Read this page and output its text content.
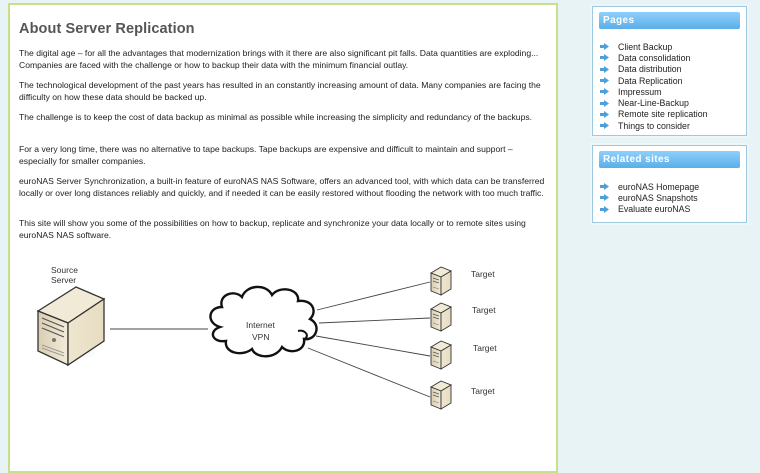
About Server Replication

The digital age – for all the advantages that modernization brings with it there are also significant pit falls. Data quantities are exploding... Companies are faced with the challenge or how to backup their data with the minimum financial outlay.

The technological development of the past years has resulted in an constantly increasing amount of data. Many companies are facing the difficulty on how these data should be backed up.

The challenge is to keep the cost of data backup as minimal as possible while increasing the simplicity and redundancy of the backups.

For a very long time, there was no alternative to tape backups. Tape backups are expensive and difficult to maintain and support – especially for smaller companies.

euroNAS Server Synchronization, a built-in feature of euroNAS NAS Software, offers an advanced tool, with which data can be transferred locally or over long distances reliably and quickly, and if needed it can be easily restored without flooding the network with too much traffic.

This site will show you some of the possibilities on how to backup, replicate and synchronize your data locally or to remote sites using euroNAS NAS software.

Source Server
Internet
VPN
Target
Target
Target
Target
Pages
Client Backup
Data consolidation
Data distribution
Data Replication
Impressum
Near-Line-Backup
Remote site replication
Things to consider
Related sites
euroNAS Homepage
euroNAS Snapshots
Evaluate euroNAS
